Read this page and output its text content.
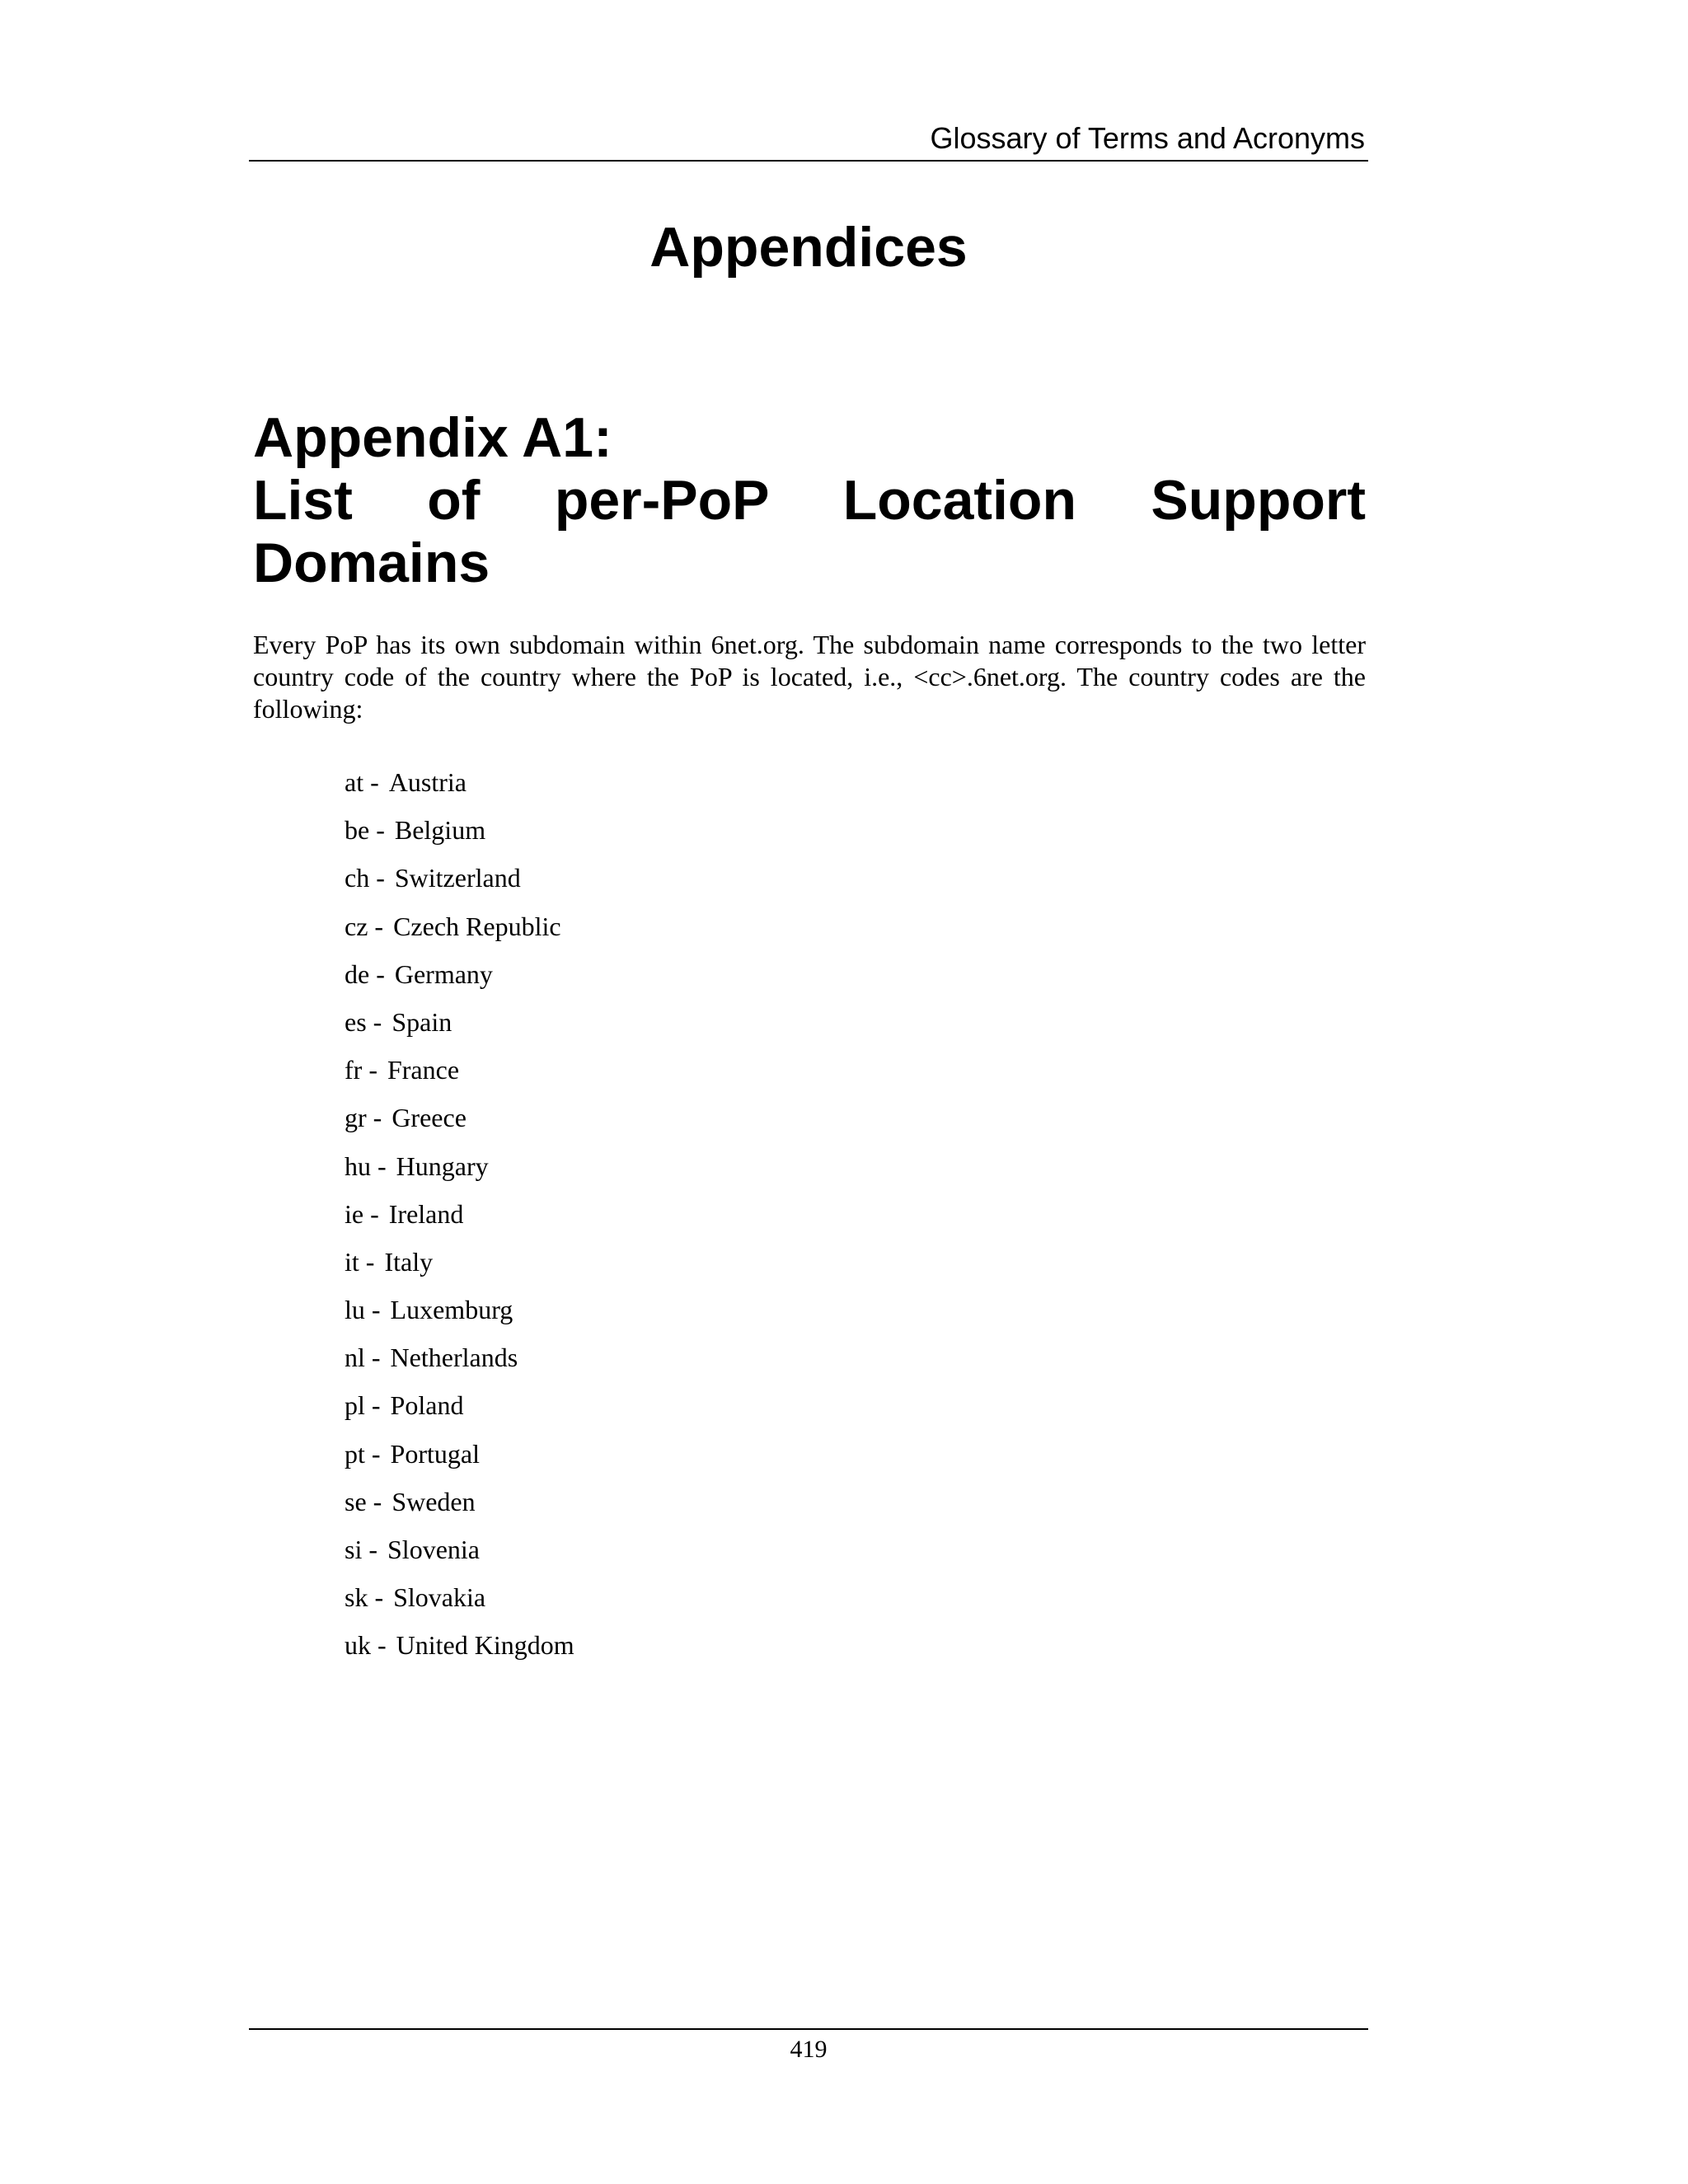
Glossary of Terms and Acronyms
Appendices
Appendix A1:
List of per-PoP Location Support
Domains

Every PoP has its own subdomain within 6net.org. The subdomain name corresponds to the two letter country code of the country where the PoP is located, i.e., <cc>.6net.org. The country codes are the following:

at - Austria
be - Belgium
ch - Switzerland
cz - Czech Republic
de - Germany
es - Spain
fr - France
gr - Greece
hu - Hungary
ie - Ireland
it - Italy
lu - Luxemburg
nl - Netherlands
pl - Poland
pt - Portugal
se - Sweden
si - Slovenia
sk - Slovakia
uk - United Kingdom
419
